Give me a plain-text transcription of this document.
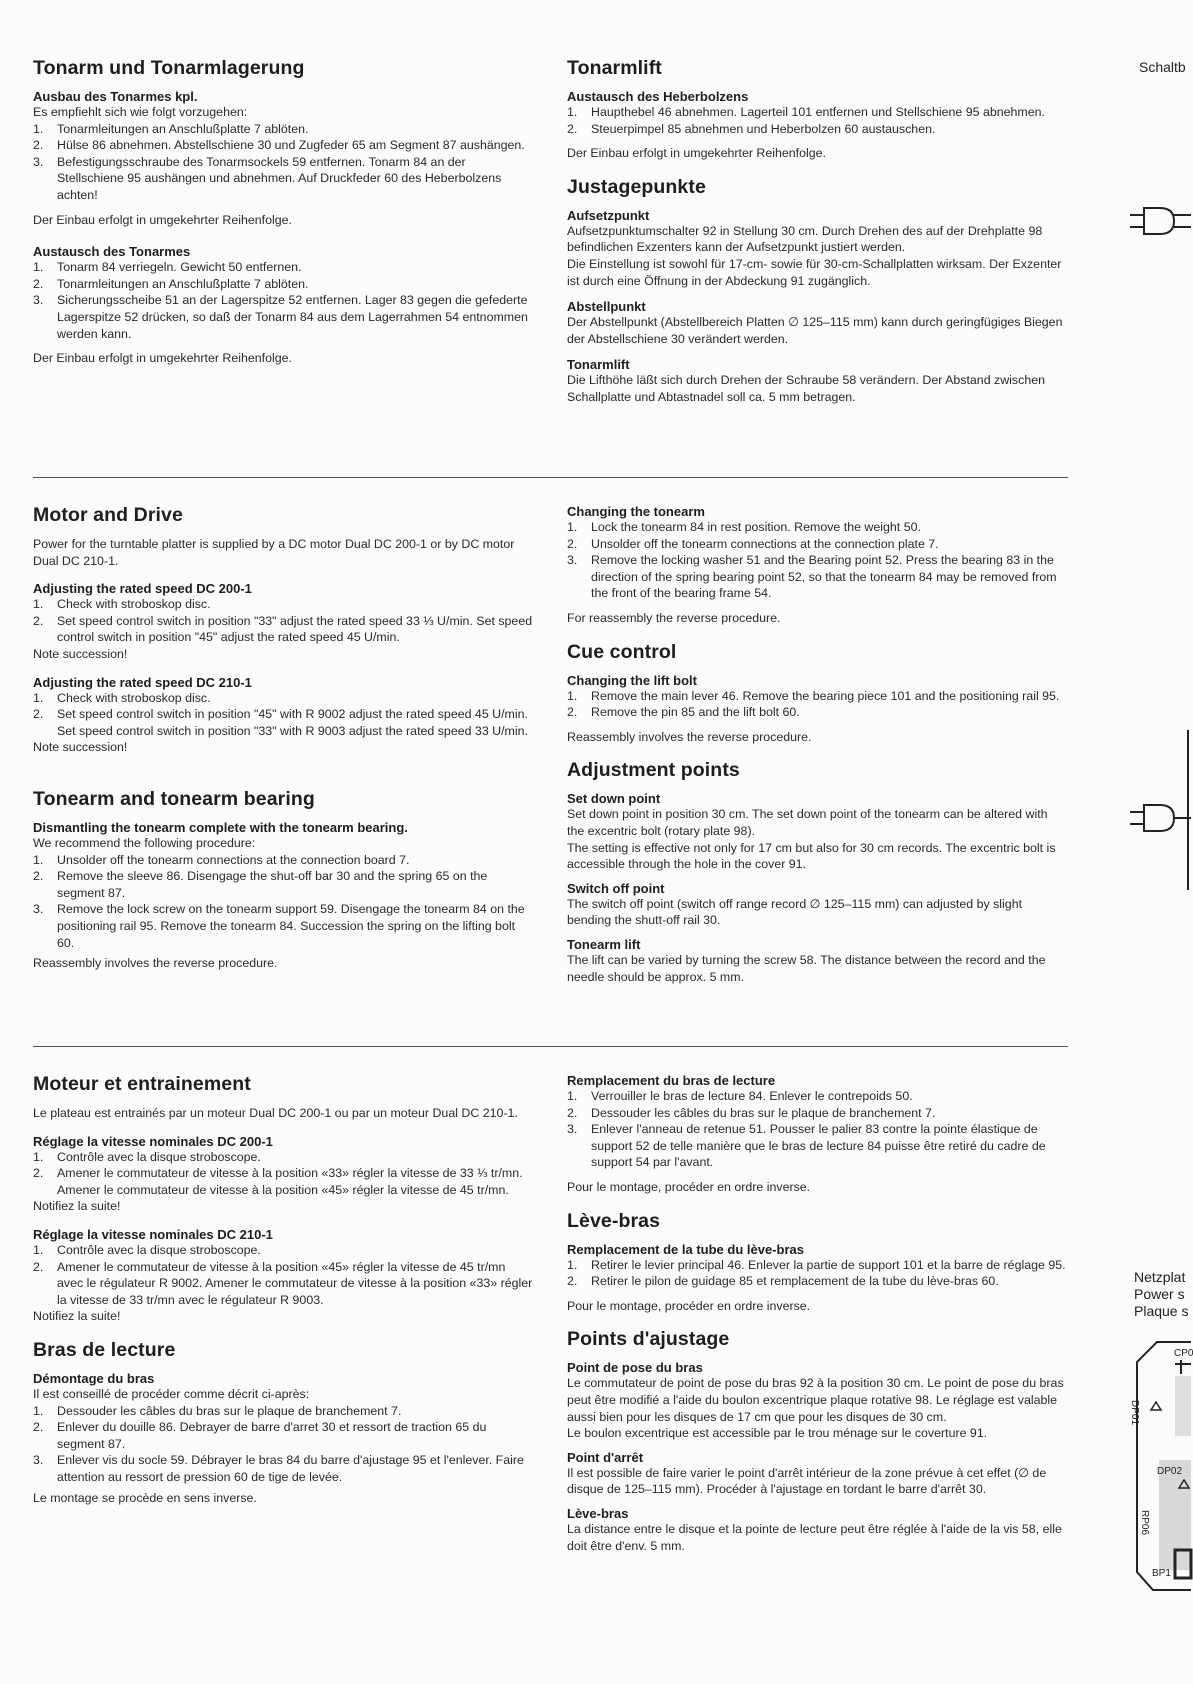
Tonarm und Tonarmlagerung
Ausbau des Tonarmes kpl.

Es empfiehlt sich wie folgt vorzugehen:

1. Tonarmleitungen an Anschlußplatte 7 ablöten.
2. Hülse 86 abnehmen. Abstellschiene 30 und Zugfeder 65 am Segment 87 aushängen.
3. Befestigungsschraube des Tonarmsockels 59 entfernen. Tonarm 84 an der Stellschiene 95 aushängen und abnehmen. Auf Druckfeder 60 des Heberbolzens achten!

Der Einbau erfolgt in umgekehrter Reihenfolge.

Austausch des Tonarmes
1. Tonarm 84 verriegeln. Gewicht 50 entfernen.
2. Tonarmleitungen an Anschlußplatte 7 ablöten.
3. Sicherungsscheibe 51 an der Lagerspitze 52 entfernen. Lager 83 gegen die gefederte Lagerspitze 52 drücken, so daß der Tonarm 84 aus dem Lagerrahmen 54 entnommen werden kann.

Der Einbau erfolgt in umgekehrter Reihenfolge.

Tonarmlift
Austausch des Heberbolzens
1. Hauptheb​el 46 abnehmen. Lagerteil 101 entfernen und Stellschiene 95 abnehmen.
2. Steuerpimpel 85 abnehmen und Heberbolzen 60 austauschen.

Der Einbau erfolgt in umgekehrter Reihenfolge.

Justagepunkte
Aufsetzpunkt

Aufsetzpunktumschalter 92 in Stellung 30 cm. Durch Drehen des auf der Drehplatte 98 befindlichen Exzenters kann der Aufsetzpunkt justiert werden.

Die Einstellung ist sowohl für 17-cm- sowie für 30-cm-Schallplatten wirksam. Der Exzenter ist durch eine Öffnung in der Abdeckung 91 zugänglich.

Abstellpunkt

Der Abstellpunkt (Abstellbereich Platten ∅ 125–115 mm) kann durch geringfügiges Biegen der Abstellschiene 30 verändert werden.

Tonarmlift

Die Lifthöhe läßt sich durch Drehen der Schraube 58 verändern. Der Abstand zwischen Schallplatte und Abtastnadel soll ca. 5 mm betragen.

Motor and Drive

Power for the turntable platter is supplied by a DC motor Dual DC 200-1 or by DC motor Dual DC 210-1.

Adjusting the rated speed DC 200-1
1. Check with stroboskop disc.
2. Set speed control switch in position "33" adjust the rated speed 33 ⅓ U/min. Set speed control switch in position "45" adjust the rated speed 45 U/min.

Note succession!

Adjusting the rated speed DC 210-1
1. Check with stroboskop disc.
2. Set speed control switch in position "45" with R 9002 adjust the rated speed 45 U/min. Set speed control switch in position "33" with R 9003 adjust the rated speed 33 U/min.

Note succession!

Tonearm and tonearm bearing
Dismantling the tonearm complete with the tonearm bearing.

We recommend the following procedure:

1. Unsolder off the tonearm connections at the connection board 7.
2. Remove the sleeve 86. Disengage the shut-off bar 30 and the spring 65 on the segment 87.
3. Remove the lock screw on the tonearm support 59. Disengage the tonearm 84 on the positioning rail 95. Remove the tonearm 84. Succession the spring on the lifting bolt 60.

Reassembly involves the reverse procedure.

Changing the tonearm
1. Lock the tonearm 84 in rest position. Remove the weight 50.
2. Unsolder off the tonearm connections at the connection plate 7.
3. Remove the locking washer 51 and the Bearing point 52. Press the bearing 83 in the direction of the spring bearing point 52, so that the tonearm 84 may be removed from the front of the bearing frame 54.

For reassembly the reverse procedure.

Cue control
Changing the lift bolt
1. Remove the main lever 46. Remove the bearing piece 101 and the positioning rail 95.
2. Remove the pin 85 and the lift bolt 60.

Reassembly involves the reverse procedure.

Adjustment points
Set down point

Set down point in position 30 cm. The set down point of the tonearm can be altered with the excentric bolt (rotary plate 98).

The setting is effective not only for 17 cm but also for 30 cm records. The excentric bolt is accessible through the hole in the cover 91.

Switch off point

The switch off point (switch off range record ∅ 125–115 mm) can adjusted by slight bending the shutt-off rail 30.

Tonearm lift

The lift can be varied by turning the screw 58. The distance between the record and the needle should be approx. 5 mm.

Moteur et entrainement

Le plateau est entrainés par un moteur Dual DC 200-1 ou par un moteur Dual DC 210-1.

Réglage la vitesse nominales DC 200-1
1. Contrôle avec la disque stroboscope.
2. Amener le commutateur de vitesse à la position «33» régler la vitesse de 33 ⅓ tr/mn. Amener le commutateur de vitesse à la position «45» régler la vitesse de 45 tr/mn.

Notifiez la suite!

Réglage la vitesse nominales DC 210-1
1. Contrôle avec la disque stroboscope.
2. Amener le commutateur de vitesse à la position «45» régler la vitesse de 45 tr/mn avec le régulateur R 9002. Amener le commutateur de vitesse à la position «33» régler la vitesse de 33 tr/mn avec le régulateur R 9003.

Notifiez la suite!

Bras de lecture
Démontage du bras

Il est conseillé de procéder comme décrit ci-après:

1. Dessouder les câbles du bras sur le plaque de branchement 7.
2. Enlever du douille 86. Debrayer de barre d'arret 30 et ressort de traction 65 du segment 87.
3. Enlever vis du socle 59. Débrayer le bras 84 du barre d'ajustage 95 et l'enlever. Faire attention au ressort de pression 60 de tige de levée.

Le montage se procède en sens inverse.

Remplacement du bras de lecture
1. Verrouiller le bras de lecture 84. Enlever le contrepoids 50.
2. Dessouder les câbles du bras sur le plaque de branchement 7.
3. Enlever l'anneau de retenue 51. Pousser le palier 83 contre la pointe élastique de support 52 de telle manière que le bras de lecture 84 puisse être retiré du cadre de support 54 par l'avant.

Pour le montage, procéder en ordre inverse.

Lève-bras
Remplacement de la tube du lève-bras
1. Retirer le levier principal 46. Enlever la partie de support 101 et la barre de réglage 95.
2. Retirer le pilon de guidage 85 et remplacement de la tube du lève-bras 60.

Pour le montage, procéder en ordre inverse.

Points d'ajustage
Point de pose du bras

Le commutateur de point de pose du bras 92 à la position 30 cm. Le point de pose du bras peut être modifié a l'aide du boulon excentrique plaque rotative 98. Le réglage est valable aussi bien pour les disques de 17 cm que pour les disques de 30 cm.

Le boulon excentrique est accessible par le trou ménage sur le coverture 91.

Point d'arrêt

Il est possible de faire varier le point d'arrêt intérieur de la zone prévue à cet effet (∅ de disque de 125–115 mm). Procéder à l'ajustage en tordant le barre d'arrêt 30.

Lève-bras

La distance entre le disque et la pointe de lecture peut être réglée à l'aide de la vis 58, elle doit être d'env. 5 mm.

Schaltb
Netzplat
Power s
Plaque s
CP0
DP01
DP02
RP06
BP1
